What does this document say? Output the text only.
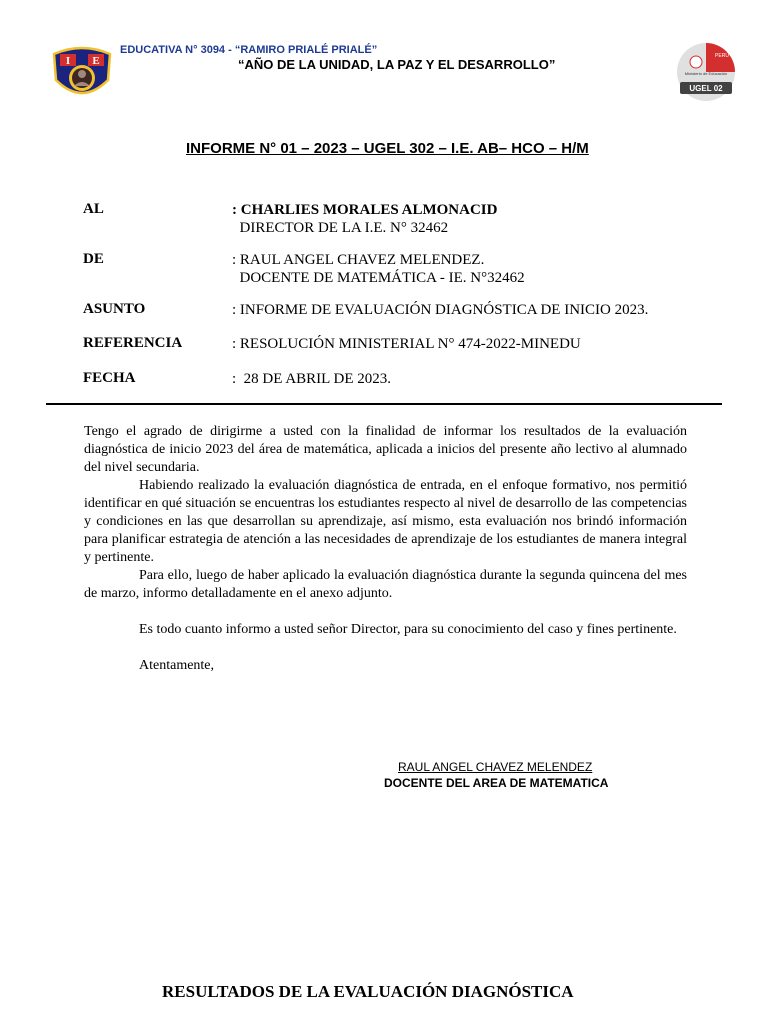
I E
EDUCATIVA N° 3094 - “RAMIRO PRIALÉ PRIALÉ”
“AÑO DE LA UNIDAD, LA PAZ Y EL DESARROLLO”
PERÚ
Ministerio de Educación
UGEL 02
INFORME N° 01 – 2023 – UGEL 302 – I.E. AB– HCO – H/M
AL	: CHARLIES MORALES ALMONACID
DIRECTOR DE LA I.E. N° 32462
DE	: RAUL ANGEL CHAVEZ MELENDEZ.
DOCENTE DE MATEMÁTICA - IE. N°32462
ASUNTO	: INFORME DE EVALUACIÓN DIAGNÓSTICA DE INICIO 2023.
REFERENCIA	: RESOLUCIÓN MINISTERIAL N° 474-2022-MINEDU
FECHA	:  28 DE ABRIL DE 2023.

Tengo el agrado de dirigirme a usted con la finalidad de informar los resultados de la evaluación diagnóstica de inicio 2023 del área de matemática, aplicada a inicios del presente año lectivo al alumnado del nivel secundaria.

Habiendo realizado la evaluación diagnóstica de entrada, en el enfoque formativo, nos permitió identificar en qué situación se encuentras los estudiantes respecto al nivel de desarrollo de las competencias y condiciones en las que desarrollan su aprendizaje, así mismo, esta evaluación nos brindó información para planificar estrategia de atención a las necesidades de aprendizaje de los estudiantes de manera integral y pertinente.

Para ello, luego de haber aplicado la evaluación diagnóstica durante la segunda quincena del mes de marzo, informo detalladamente en el anexo adjunto.

Es todo cuanto informo a usted señor Director, para su conocimiento del caso y fines pertinente.

Atentamente,

RAUL ANGEL CHAVEZ MELENDEZ
DOCENTE DEL AREA DE MATEMATICA
RESULTADOS DE LA EVALUACIÓN DIAGNÓSTICA
